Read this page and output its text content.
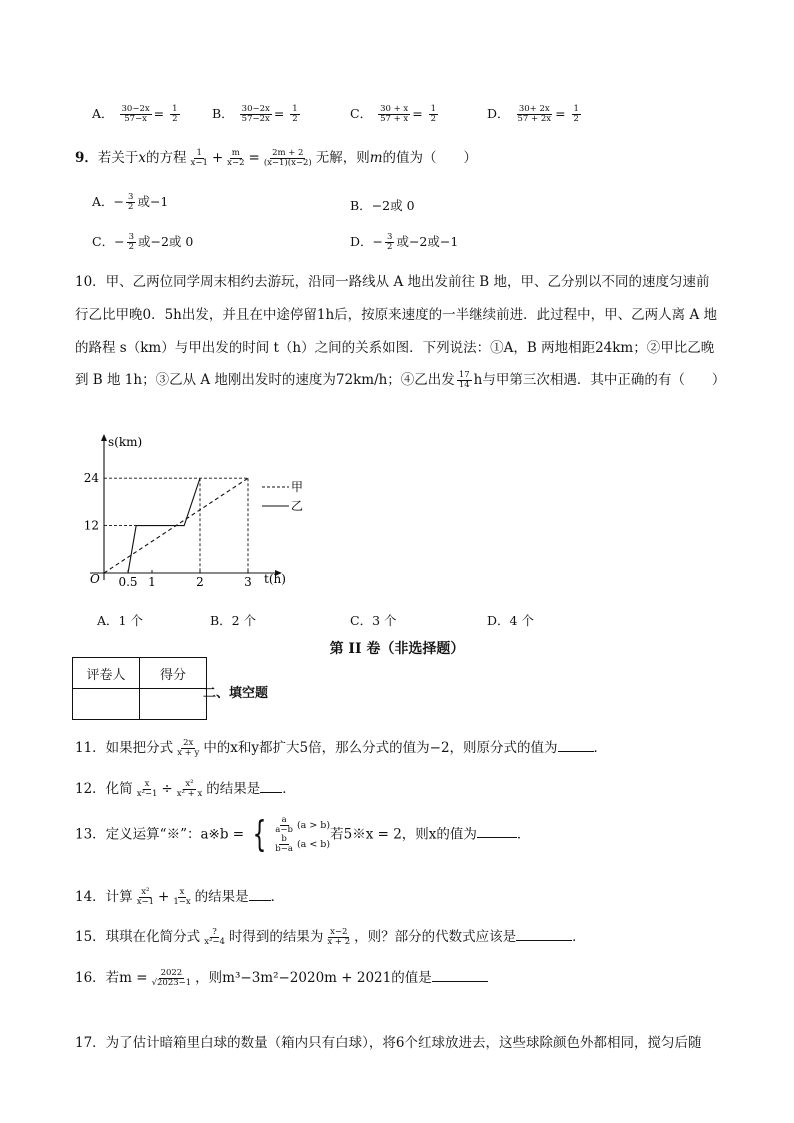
A． $\frac{30-2x}{57-x} = \frac{1}{2}$	B． $\frac{30-2x}{57-2x} = \frac{1}{2}$	C． $\frac{30 + x}{57 + x} = \frac{1}{2}$	D． $\frac{30+ 2x}{57 + 2x} = \frac{1}{2}$
9．若关于x的方程 $\frac{1}{x-1} + \frac{m}{x-2} = \frac{2m + 2}{(x-1)(x-2)}$ 无解，则m的值为（　　）
A．− $\frac{3}{2}$ 或−1	B．−2或 0
C．− $\frac{3}{2}$ 或−2或 0	D．− $\frac{3}{2}$ 或−2或−1
10．甲、乙两位同学周末相约去游玩，沿同一路线从 A 地出发前往 B 地，甲、乙分别以不同的速度匀速前
行乙比甲晚0．5h出发，并且在中途停留1h后，按原来速度的一半继续前进．此过程中，甲、乙两人离 A 地
的路程 s（km）与甲出发的时间 t（h）之间的关系如图．下列说法：①A，B 两地相距24km；②甲比乙晚
到 B 地 1h；③乙从 A 地刚出发时的速度为72km/h；④乙出发 $\frac{17}{14}$ h与甲第三次相遇．其中正确的有（　　）
s(km)
t(h)
O 0.5 1	2	3
12
24
甲
乙
A．1 个	B．2 个	C．3 个	D．4 个
第 II 卷（非选择题）
评卷人	得分

二、填空题
11．如果把分式 $\frac{2x}{x + y}$ 中的x和y都扩大5倍，那么分式的值为−2，则原分式的值为	．
12．化简 $\frac{x}{\text{x²−1}} \div \frac{\text{x²}}{\text{x² + x}}$ 的结果是 ．
13．定义运算“※”：a※b = { $\frac{a}{a-b} (a > b)$
$\frac{b}{b-a} (a < b)$
若5※x = 2，则x的值为	．
14．计算 $\frac{\text{x²}}{x-1} + \frac{x}{1-x}$ 的结果是 ．
15．琪琪在化简分式 $\frac{?}{\text{x²−4}}$ 时得到的结果为 $\frac{x-2}{x + 2}$ ，则？部分的代数式应该是	．
16．若$m = \frac{2022}{√2023-1}$ ，则m³−3m²−2020m + 2021的值是
17．为了估计暗箱里白球的数量（箱内只有白球），将6个红球放进去，这些球除颜色外都相同，搅匀后随
